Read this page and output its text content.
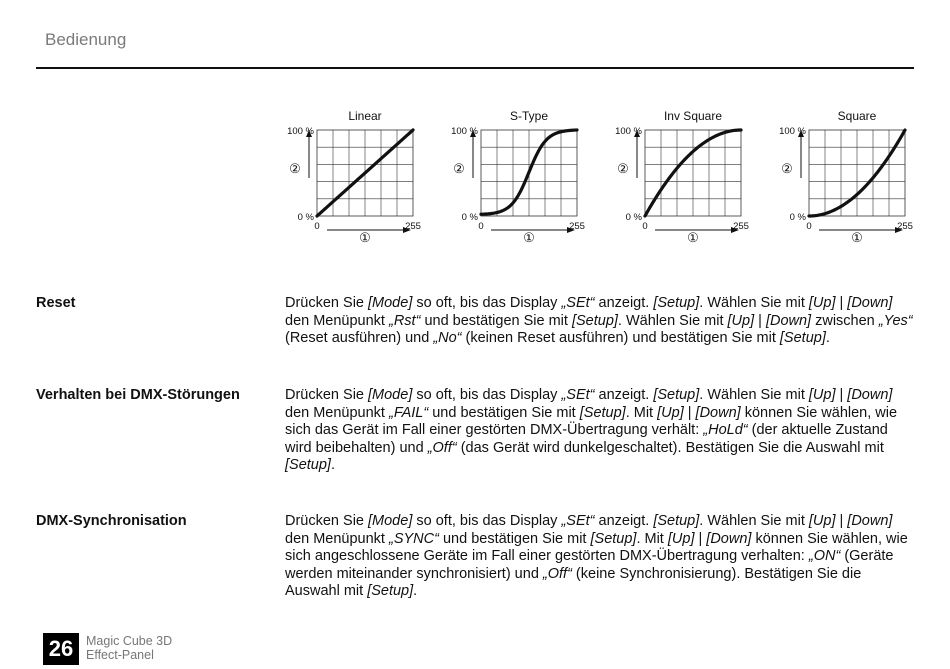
Bedienung
Linear
100 %
0 %
0	255
②
①
S-Type
100 %
0 %
0	255
②
①
Inv Square
100 %
0 %
0	255
②
①
Square
100 %
0 %
0	255
②
①
Reset	Drücken Sie [Mode] so oft, bis das Display „SEt“ anzeigt. [Setup]. Wählen Sie mit [Up] | [Down] den Menüpunkt „Rst“ und bestätigen Sie mit [Setup]. Wählen Sie mit [Up] | [Down] zwischen „Yes“ (Reset ausführen) und „No“ (keinen Reset ausführen) und bestätigen Sie mit [Setup].
Verhalten bei DMX-Störungen	Drücken Sie [Mode] so oft, bis das Display „SEt“ anzeigt. [Setup]. Wählen Sie mit [Up] | [Down] den Menüpunkt „FAIL“ und bestätigen Sie mit [Setup]. Mit [Up] | [Down] können Sie wählen, wie sich das Gerät im Fall einer gestörten DMX-Übertragung verhält: „HoLd“ (der aktuelle Zustand wird beibehalten) und „Off“ (das Gerät wird dunkelgeschaltet). Bestätigen Sie die Auswahl mit [Setup].
DMX-Synchronisation	Drücken Sie [Mode] so oft, bis das Display „SEt“ anzeigt. [Setup]. Wählen Sie mit [Up] | [Down] den Menüpunkt „SYNC“ und bestätigen Sie mit [Setup]. Mit [Up] | [Down] können Sie wählen, wie sich angeschlossene Geräte im Fall einer gestörten DMX-Übertragung verhalten: „ON“ (Geräte werden miteinander synchronisiert) und „Off“ (keine Synchronisierung). Bestätigen Sie die Auswahl mit [Setup].
26	Magic Cube 3D
Effect-Panel
